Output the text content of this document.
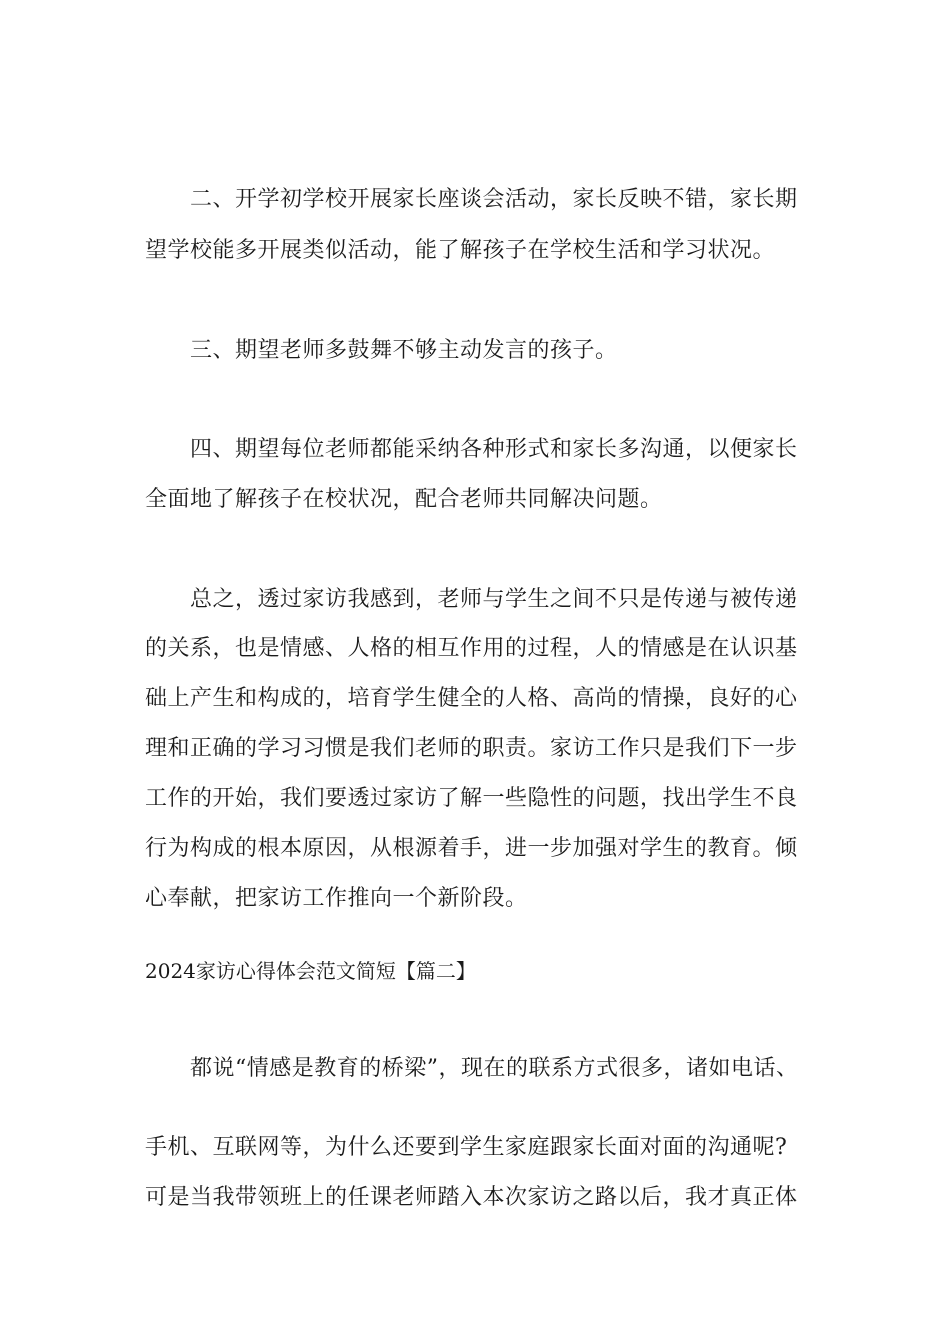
二、开学初学校开展家长座谈会活动，家长反映不错，家长期
望学校能多开展类似活动，能了解孩子在学校生活和学习状况。
三、期望老师多鼓舞不够主动发言的孩子。
四、期望每位老师都能采纳各种形式和家长多沟通，以便家长
全面地了解孩子在校状况，配合老师共同解决问题。
总之，透过家访我感到，老师与学生之间不只是传递与被传递
的关系，也是情感、人格的相互作用的过程，人的情感是在认识基
础上产生和构成的，培育学生健全的人格、高尚的情操，良好的心
理和正确的学习习惯是我们老师的职责。家访工作只是我们下一步
工作的开始，我们要透过家访了解一些隐性的问题，找出学生不良
行为构成的根本原因，从根源着手，进一步加强对学生的教育。倾
心奉献，把家访工作推向一个新阶段。
2024家访心得体会范文简短【篇二】
都说“情感是教育的桥梁”，现在的联系方式很多，诸如电话、
手机、互联网等，为什么还要到学生家庭跟家长面对面的沟通呢?
可是当我带领班上的任课老师踏入本次家访之路以后，我才真正体
